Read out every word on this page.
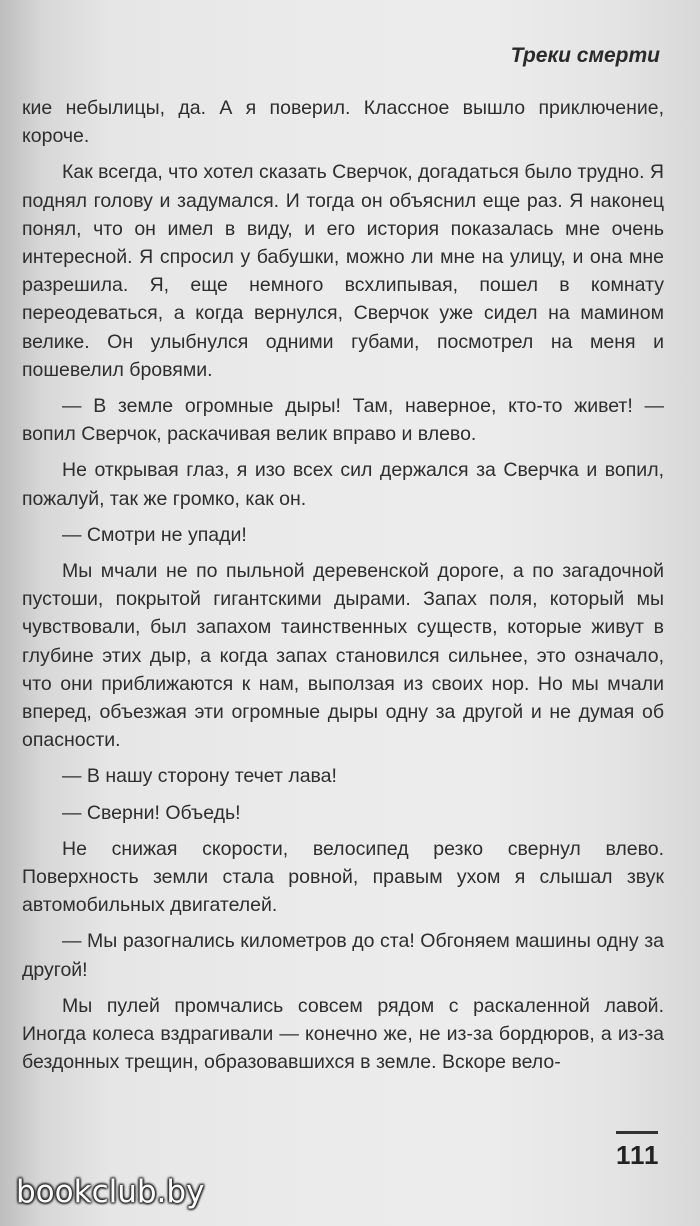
Треки смерти

кие небылицы, да. А я поверил. Классное вышло приключение, короче.

Как всегда, что хотел сказать Сверчок, догадаться было трудно. Я поднял голову и задумался. И тогда он объяснил еще раз. Я наконец понял, что он имел в виду, и его история показалась мне очень интересной. Я спросил у бабушки, можно ли мне на улицу, и она мне разрешила. Я, еще немного всхлипывая, пошел в комнату переодеваться, а когда вернулся, Сверчок уже сидел на мамином велике. Он улыбнулся одними губами, посмотрел на меня и пошевелил бровями.

— В земле огромные дыры! Там, наверное, кто-то живет! — вопил Сверчок, раскачивая велик вправо и влево.

Не открывая глаз, я изо всех сил держался за Сверчка и вопил, пожалуй, так же громко, как он.

— Смотри не упади!

Мы мчали не по пыльной деревенской дороге, а по загадочной пустоши, покрытой гигантскими дырами. Запах поля, который мы чувствовали, был запахом таинственных существ, которые живут в глубине этих дыр, а когда запах становился сильнее, это означало, что они приближаются к нам, выползая из своих нор. Но мы мчали вперед, объезжая эти огромные дыры одну за другой и не думая об опасности.

— В нашу сторону течет лава!

— Сверни! Объедь!

Не снижая скорости, велосипед резко свернул влево. Поверхность земли стала ровной, правым ухом я слышал звук автомобильных двигателей.

— Мы разогнались километров до ста! Обгоняем машины одну за другой!

Мы пулей промчались совсем рядом с раскаленной лавой. Иногда колеса вздрагивали — конечно же, не из-за бордюров, а из-за бездонных трещин, образовавшихся в земле. Вскоре вело-

111
bookclub.by
